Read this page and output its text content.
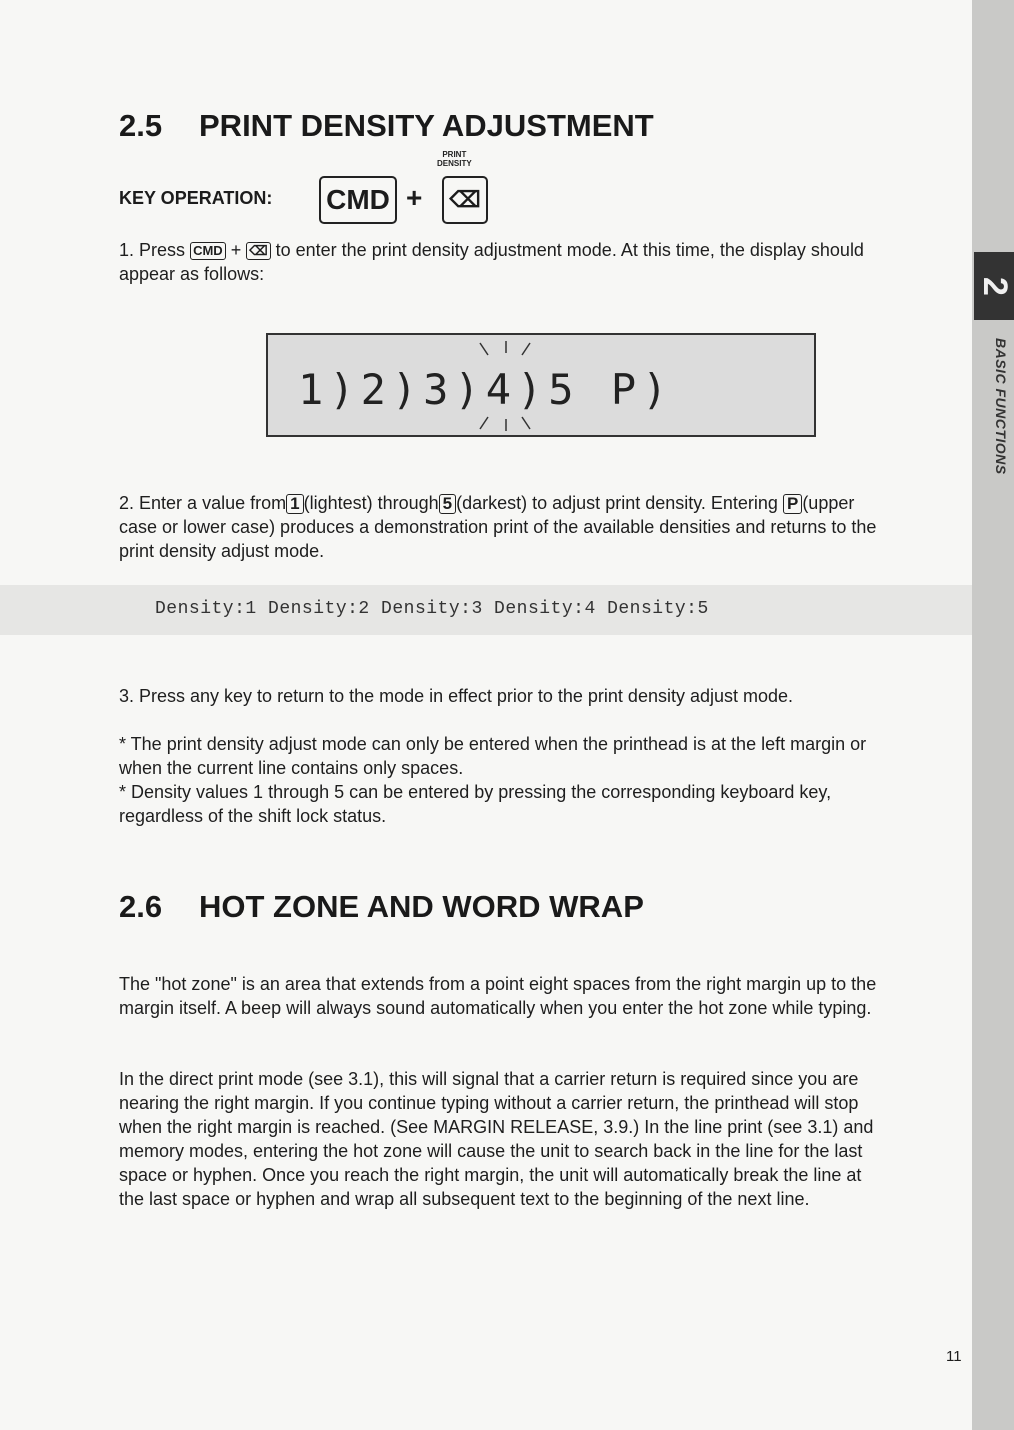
2
BASIC FUNCTIONS
2.5 PRINT DENSITY ADJUSTMENT
KEY OPERATION: CMD +
PRINT
DENSITY
⌫

1. Press CMD + ⌫ to enter the print density adjustment mode. At this time, the display should appear as follows:

1)2)3)4)5 P)

2. Enter a value from 1 (lightest) through 5 (darkest) to adjust print density. Entering P (upper case or lower case) produces a demonstration print of the available densities and returns to the print density adjust mode.

Density:1 Density:2 Density:3 Density:4 Density:5

3. Press any key to return to the mode in effect prior to the print density adjust mode.

* The print density adjust mode can only be entered when the printhead is at the left margin or when the current line contains only spaces.

* Density values 1 through 5 can be entered by pressing the corresponding keyboard key, regardless of the shift lock status.

2.6 HOT ZONE AND WORD WRAP

The "hot zone" is an area that extends from a point eight spaces from the right margin up to the margin itself. A beep will always sound automatically when you enter the hot zone while typing.

In the direct print mode (see 3.1), this will signal that a carrier return is required since you are nearing the right margin. If you continue typing without a carrier return, the printhead will stop when the right margin is reached. (See MARGIN RELEASE, 3.9.) In the line print (see 3.1) and memory modes, entering the hot zone will cause the unit to search back in the line for the last space or hyphen. Once you reach the right margin, the unit will automatically break the line at the last space or hyphen and wrap all subsequent text to the beginning of the next line.

11
